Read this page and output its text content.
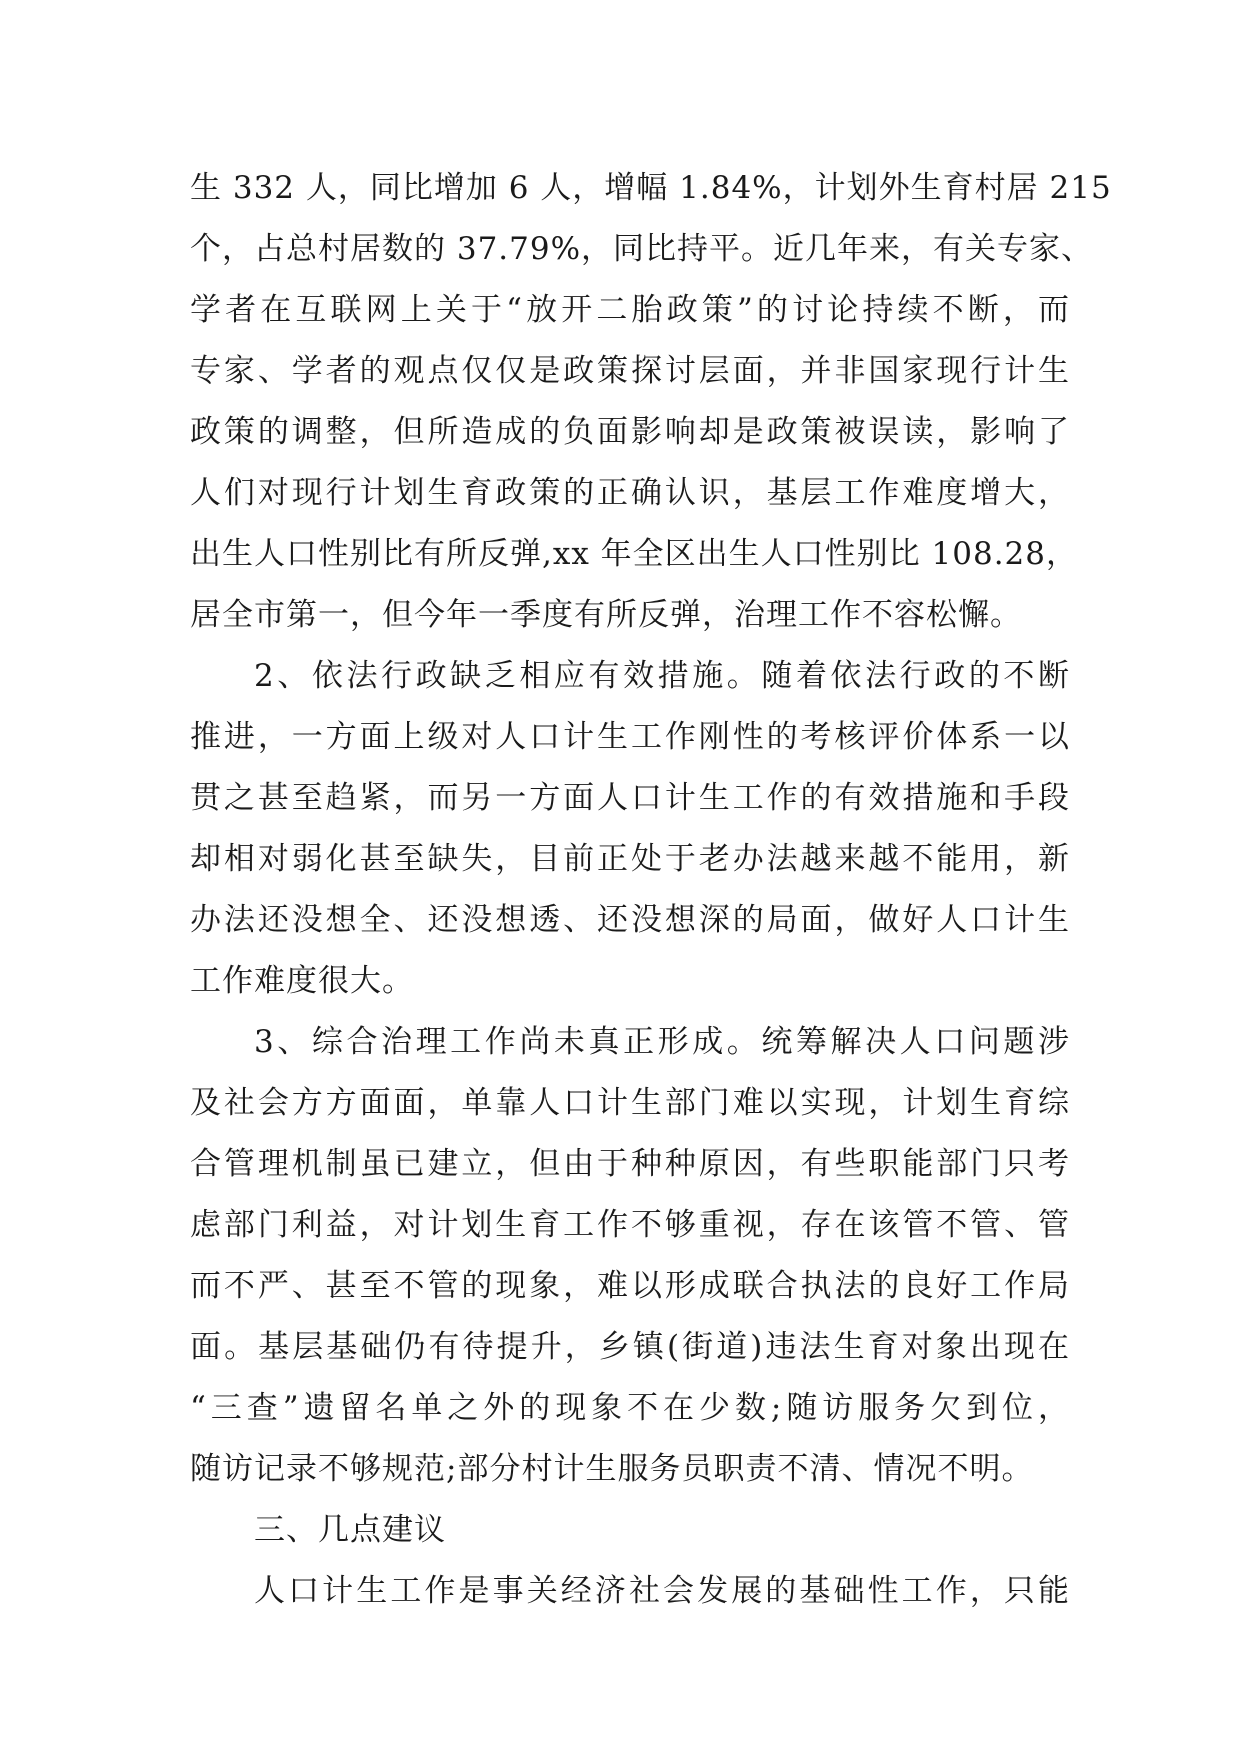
生 332 人，同比增加 6 人，增幅 1.84%，计划外生育村居 215
个，占总村居数的 37.79%，同比持平。近几年来，有关专家、
学者在互联网上关于“放开二胎政策”的讨论持续不断，而
专家、学者的观点仅仅是政策探讨层面，并非国家现行计生
政策的调整，但所造成的负面影响却是政策被误读，影响了
人们对现行计划生育政策的正确认识，基层工作难度增大，
出生人口性别比有所反弹,xx 年全区出生人口性别比 108.28，
居全市第一，但今年一季度有所反弹，治理工作不容松懈。
2、依法行政缺乏相应有效措施。随着依法行政的不断
推进，一方面上级对人口计生工作刚性的考核评价体系一以
贯之甚至趋紧，而另一方面人口计生工作的有效措施和手段
却相对弱化甚至缺失，目前正处于老办法越来越不能用，新
办法还没想全、还没想透、还没想深的局面，做好人口计生
工作难度很大。
3、综合治理工作尚未真正形成。统筹解决人口问题涉
及社会方方面面，单靠人口计生部门难以实现，计划生育综
合管理机制虽已建立，但由于种种原因，有些职能部门只考
虑部门利益，对计划生育工作不够重视，存在该管不管、管
而不严、甚至不管的现象，难以形成联合执法的良好工作局
面。基层基础仍有待提升，乡镇(街道)违法生育对象出现在
“三查”遗留名单之外的现象不在少数;随访服务欠到位，
随访记录不够规范;部分村计生服务员职责不清、情况不明。
三、几点建议
人口计生工作是事关经济社会发展的基础性工作，只能
